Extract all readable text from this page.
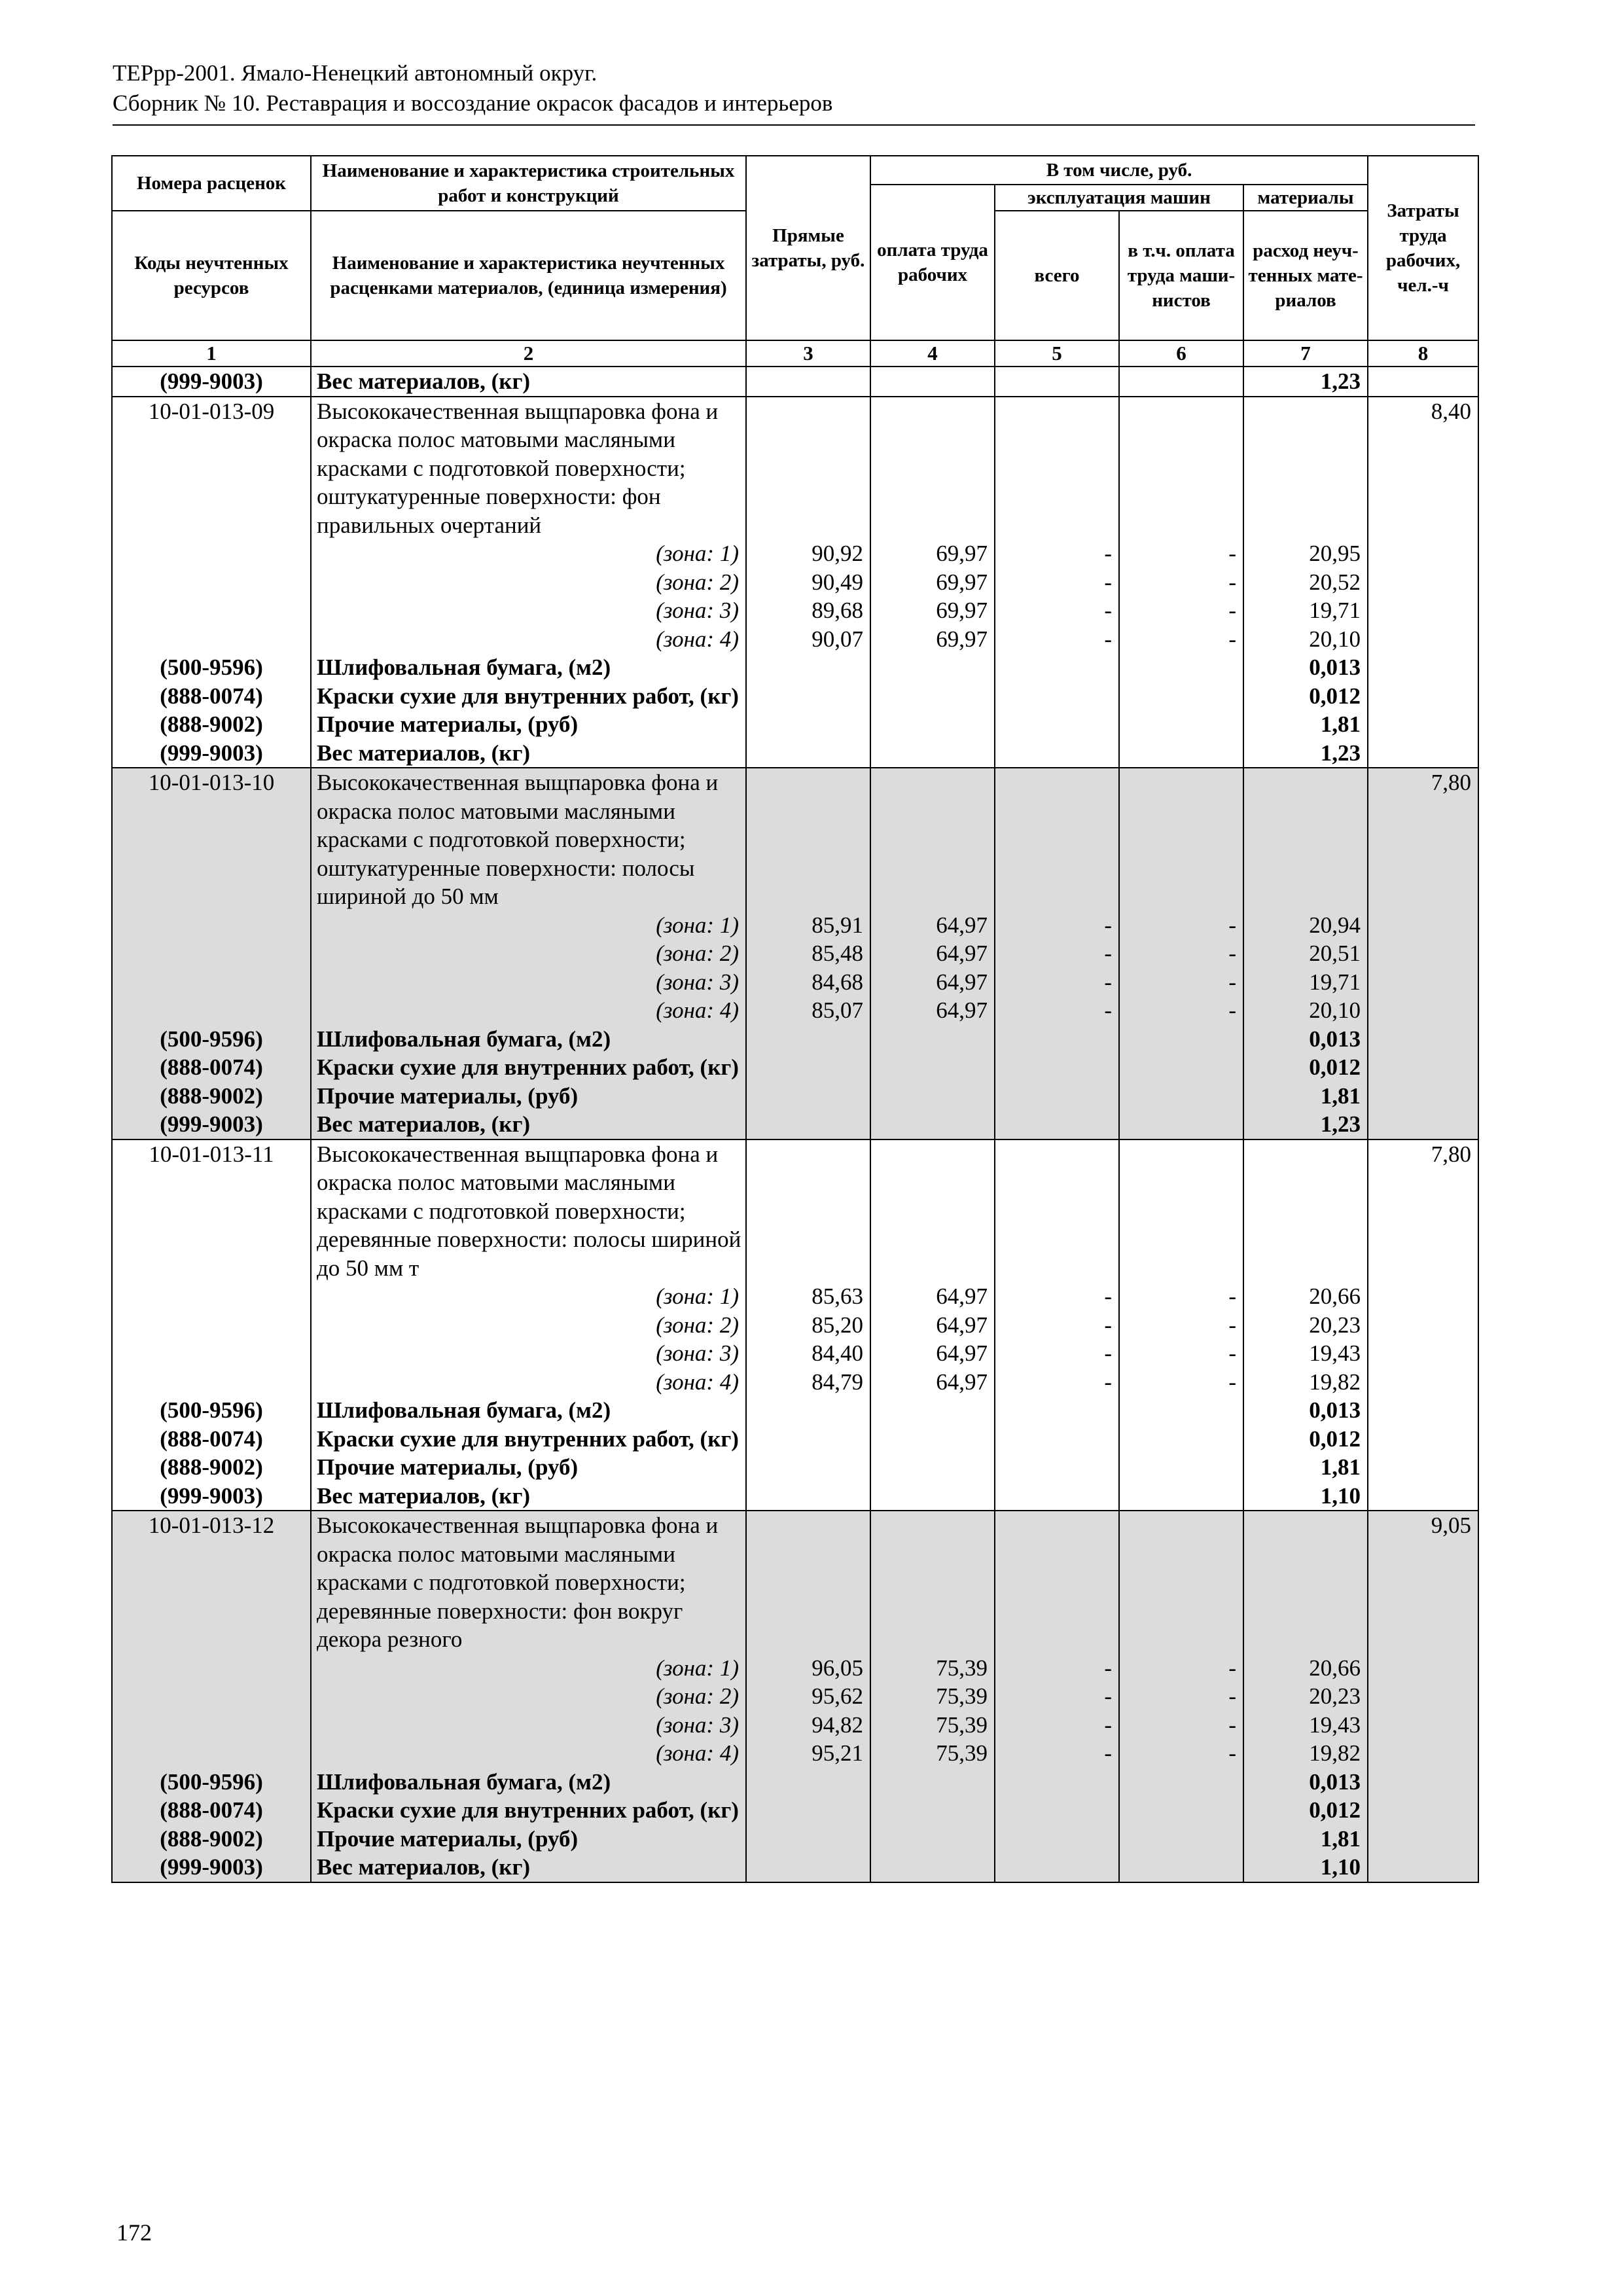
ТЕРрр-2001. Ямало-Ненецкий автономный округ.
Сборник № 10. Реставрация и воссоздание окрасок фасадов и интерьеров
Номера расценок	Наименование и характеристика строительных работ и конструкций	Прямые затраты, руб.	В том числе, руб.				Затраты труда рабочих, чел.-ч
			оплата труда рабочих	эксплуатация машин		материалы	
Коды неучтенных ресурсов	Наименование и характеристика неучтенных расценками материалов, (единица измерения)			всего	в т.ч. оплата труда маши-нистов	расход неуч-тенных мате-риалов	
1	2	3	4	5	6	7	8
(999-9003)	Вес материалов, (кг)					1,23	
10-01-013-09	Высококачественная выщпаровка фона и окраска полос матовыми масляными красками с подготовкой поверхности; оштукатуренные поверхности: фон правильных очертаний						8,40
	(зона: 1)	90,92	69,97	-	-	20,95	
	(зона: 2)	90,49	69,97	-	-	20,52	
	(зона: 3)	89,68	69,97	-	-	19,71	
	(зона: 4)	90,07	69,97	-	-	20,10	
(500-9596)	Шлифовальная бумага, (м2)					0,013	
(888-0074)	Краски сухие для внутренних работ, (кг)					0,012	
(888-9002)	Прочие материалы, (руб)					1,81	
(999-9003)	Вес материалов, (кг)					1,23	
10-01-013-10	Высококачественная выщпаровка фона и окраска полос матовыми масляными красками с подготовкой поверхности; оштукатуренные поверхности: полосы шириной до 50 мм						7,80
	(зона: 1)	85,91	64,97	-	-	20,94	
	(зона: 2)	85,48	64,97	-	-	20,51	
	(зона: 3)	84,68	64,97	-	-	19,71	
	(зона: 4)	85,07	64,97	-	-	20,10	
(500-9596)	Шлифовальная бумага, (м2)					0,013	
(888-0074)	Краски сухие для внутренних работ, (кг)					0,012	
(888-9002)	Прочие материалы, (руб)					1,81	
(999-9003)	Вес материалов, (кг)					1,23	
10-01-013-11	Высококачественная выщпаровка фона и окраска полос матовыми масляными красками с подготовкой поверхности; деревянные поверхности: полосы шириной до 50 мм т						7,80
	(зона: 1)	85,63	64,97	-	-	20,66	
	(зона: 2)	85,20	64,97	-	-	20,23	
	(зона: 3)	84,40	64,97	-	-	19,43	
	(зона: 4)	84,79	64,97	-	-	19,82	
(500-9596)	Шлифовальная бумага, (м2)					0,013	
(888-0074)	Краски сухие для внутренних работ, (кг)					0,012	
(888-9002)	Прочие материалы, (руб)					1,81	
(999-9003)	Вес материалов, (кг)					1,10	
10-01-013-12	Высококачественная выщпаровка фона и окраска полос матовыми масляными красками с подготовкой поверхности; деревянные поверхности: фон вокруг декора резного						9,05
	(зона: 1)	96,05	75,39	-	-	20,66	
	(зона: 2)	95,62	75,39	-	-	20,23	
	(зона: 3)	94,82	75,39	-	-	19,43	
	(зона: 4)	95,21	75,39	-	-	19,82	
(500-9596)	Шлифовальная бумага, (м2)					0,013	
(888-0074)	Краски сухие для внутренних работ, (кг)					0,012	
(888-9002)	Прочие материалы, (руб)					1,81	
(999-9003)	Вес материалов, (кг)					1,10	
172
